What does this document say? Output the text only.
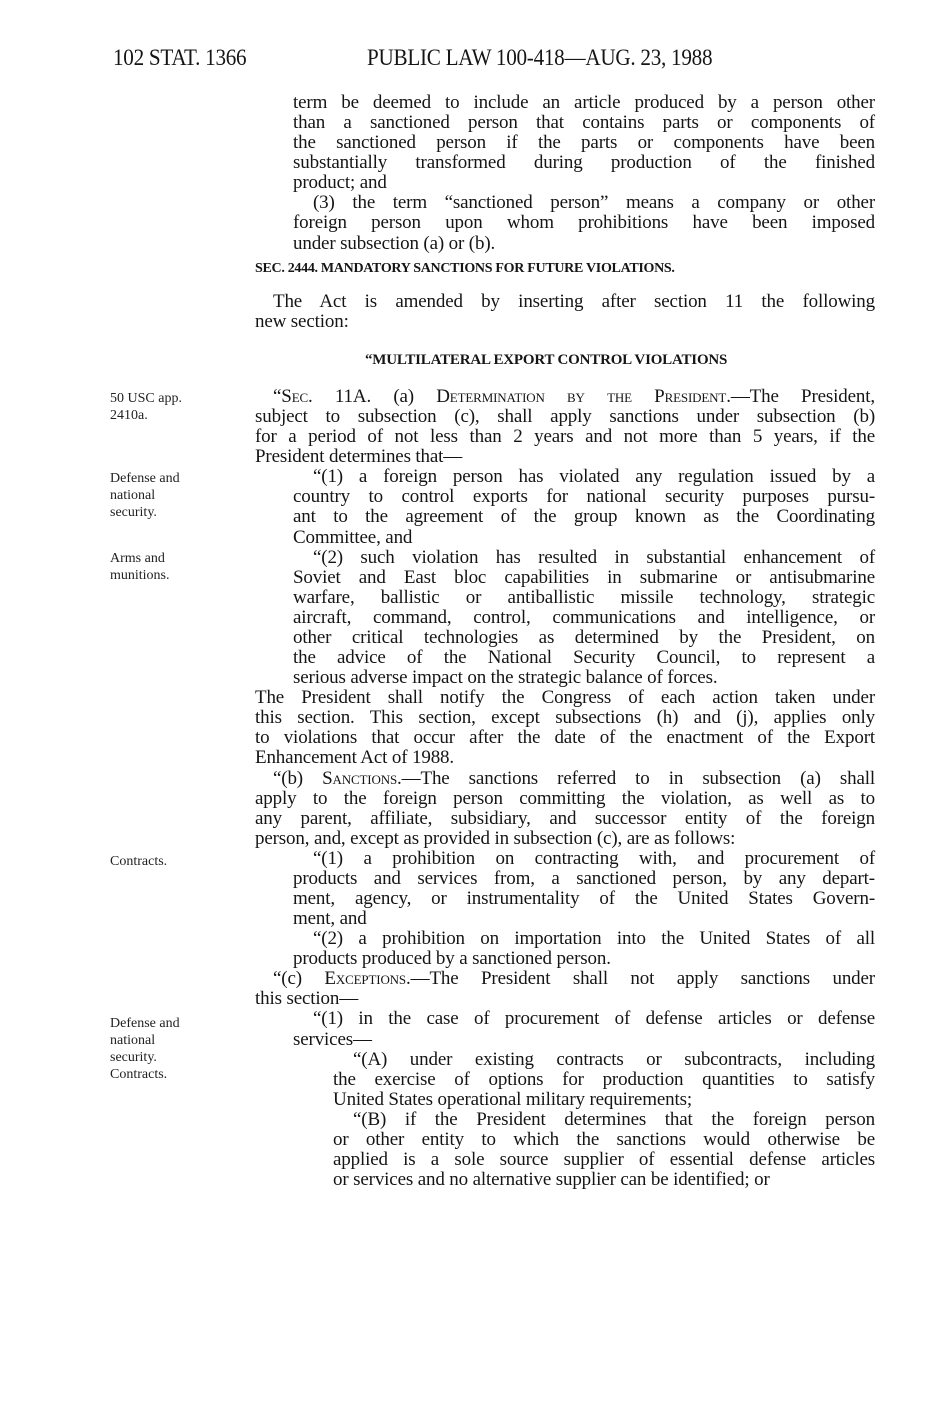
102 STAT. 1366	PUBLIC LAW 100-418—AUG. 23, 1988
SEC. 2444. MANDATORY SANCTIONS FOR FUTURE VIOLATIONS.
“MULTILATERAL EXPORT CONTROL VIOLATIONS
term be deemed to include an article produced by a person other
than a sanctioned person that contains parts or components of
the sanctioned person if the parts or components have been
substantially transformed during production of the finished
product; and
(3) the term “sanctioned person” means a company or other
foreign person upon whom prohibitions have been imposed
under subsection (a) or (b).
The Act is amended by inserting after section 11 the following
new section:
“Sec. 11A. (a) Determination by the President.—The President,
subject to subsection (c), shall apply sanctions under subsection (b)
for a period of not less than 2 years and not more than 5 years, if the
President determines that—
“(1) a foreign person has violated any regulation issued by a
country to control exports for national security purposes pursu-
ant to the agreement of the group known as the Coordinating
Committee, and
“(2) such violation has resulted in substantial enhancement of
Soviet and East bloc capabilities in submarine or antisubmarine
warfare, ballistic or antiballistic missile technology, strategic
aircraft, command, control, communications and intelligence, or
other critical technologies as determined by the President, on
the advice of the National Security Council, to represent a
serious adverse impact on the strategic balance of forces.
The President shall notify the Congress of each action taken under
this section. This section, except subsections (h) and (j), applies only
to violations that occur after the date of the enactment of the Export
Enhancement Act of 1988.
“(b) Sanctions.—The sanctions referred to in subsection (a) shall
apply to the foreign person committing the violation, as well as to
any parent, affiliate, subsidiary, and successor entity of the foreign
person, and, except as provided in subsection (c), are as follows:
“(1) a prohibition on contracting with, and procurement of
products and services from, a sanctioned person, by any depart-
ment, agency, or instrumentality of the United States Govern-
ment, and
“(2) a prohibition on importation into the United States of all
products produced by a sanctioned person.
“(c) Exceptions.—The President shall not apply sanctions under
this section—
“(1) in the case of procurement of defense articles or defense
services—
“(A) under existing contracts or subcontracts, including
the exercise of options for production quantities to satisfy
United States operational military requirements;
“(B) if the President determines that the foreign person
or other entity to which the sanctions would otherwise be
applied is a sole source supplier of essential defense articles
or services and no alternative supplier can be identified; or
50 USC app.
2410a.
Defense and
national
security.
Arms and
munitions.
Contracts.
Defense and
national
security.
Contracts.
